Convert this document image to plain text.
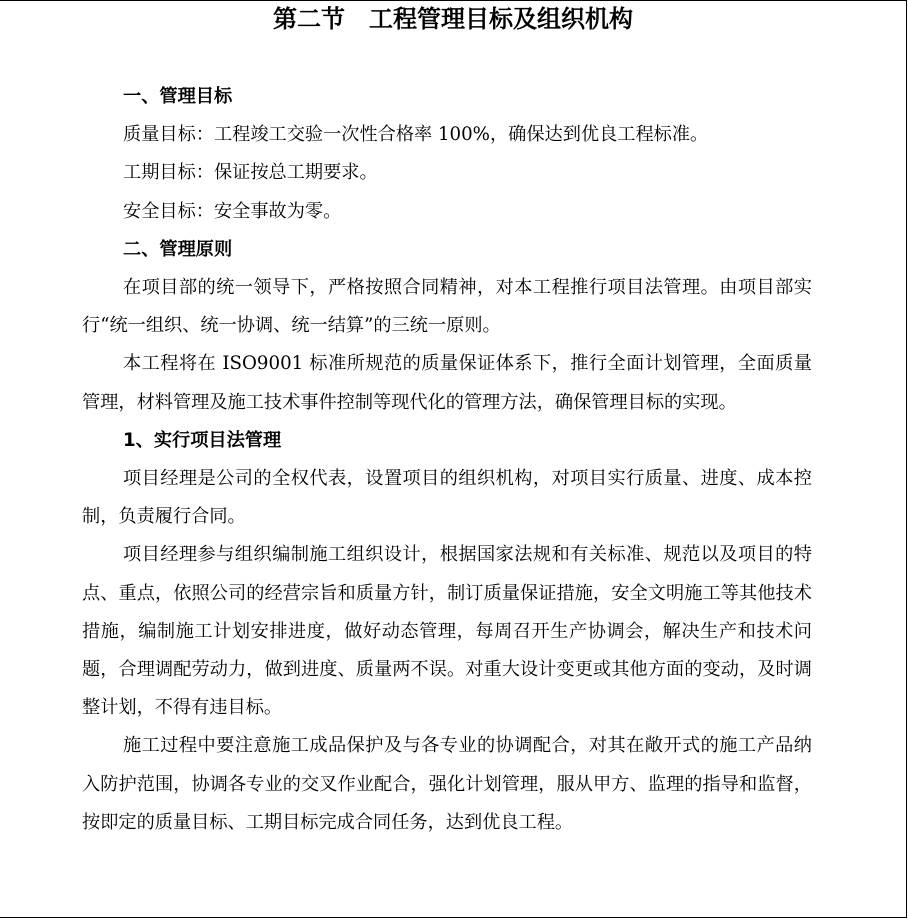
第二节　工程管理目标及组织机构

一、管理目标

质量目标：工程竣工交验一次性合格率 100%，确保达到优良工程标准。

工期目标：保证按总工期要求。

安全目标：安全事故为零。

二、管理原则

在项目部的统一领导下，严格按照合同精神，对本工程推行项目法管理。由项目部实行“统一组织、统一协调、统一结算”的三统一原则。

本工程将在 ISO9001 标准所规范的质量保证体系下，推行全面计划管理，全面质量管理，材料管理及施工技术事件控制等现代化的管理方法，确保管理目标的实现。

1、实行项目法管理

项目经理是公司的全权代表，设置项目的组织机构，对项目实行质量、进度、成本控制，负责履行合同。

项目经理参与组织编制施工组织设计，根据国家法规和有关标准、规范以及项目的特点、重点，依照公司的经营宗旨和质量方针，制订质量保证措施，安全文明施工等其他技术措施，编制施工计划安排进度，做好动态管理，每周召开生产协调会，解决生产和技术问题，合理调配劳动力，做到进度、质量两不误。对重大设计变更或其他方面的变动，及时调整计划，不得有违目标。

施工过程中要注意施工成品保护及与各专业的协调配合，对其在敞开式的施工产品纳入防护范围，协调各专业的交叉作业配合，强化计划管理，服从甲方、监理的指导和监督，按即定的质量目标、工期目标完成合同任务，达到优良工程。
